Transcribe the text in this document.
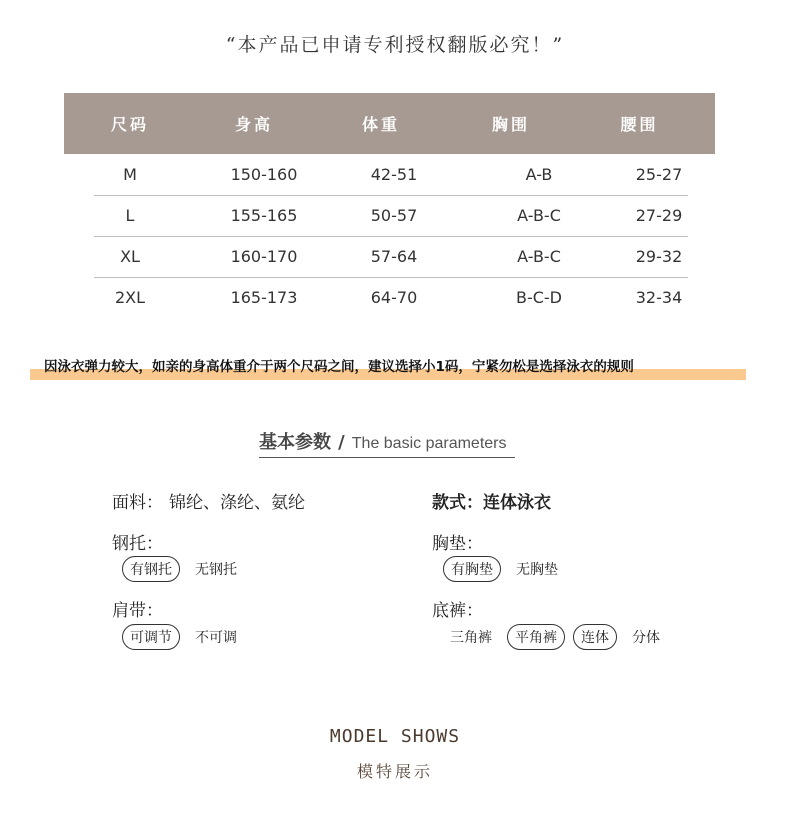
“本产品已申请专利授权翻版必究！”
尺码	身高	体重	胸围	腰围
M	150-160	42-51	A-B	25-27
L	155-165	50-57	A-B-C	27-29
XL	160-170	57-64	A-B-C	29-32
2XL	165-173	64-70	B-C-D	32-34
因泳衣弹力较大，如亲的身高体重介于两个尺码之间，建议选择小1码，宁紧勿松是选择泳衣的规则
基本参数 / The basic parameters
面料： 锦纶、涤纶、氨纶	款式：连体泳衣
钢托：
有钢托	无钢托
胸垫：
有胸垫	无胸垫
肩带：
可调节	不可调
底裤：
三角裤	平角裤	连体	分体
MODEL SHOWS
模特展示
